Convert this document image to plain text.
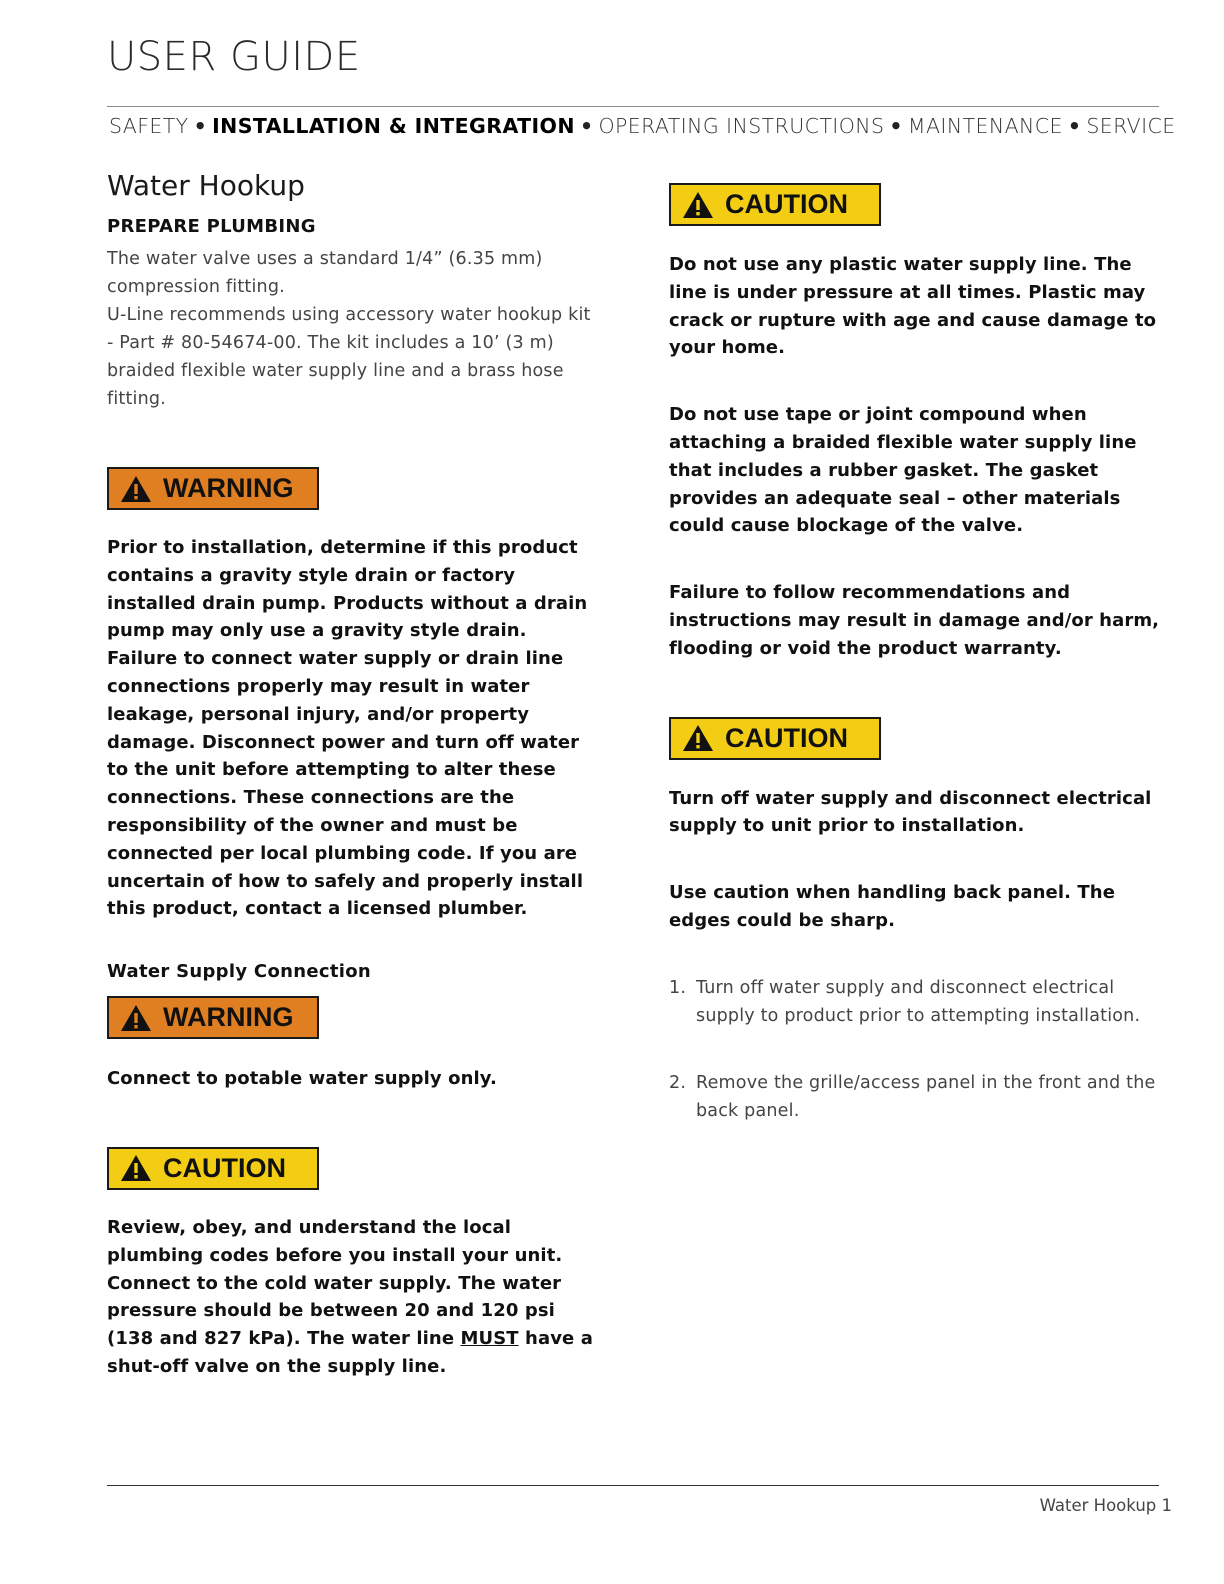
USER GUIDE
SAFETY • INSTALLATION & INTEGRATION • OPERATING INSTRUCTIONS • MAINTENANCE • SERVICE
Water Hookup
PREPARE PLUMBING

The water valve uses a standard 1/4” (6.35 mm) compression fitting.

U-Line recommends using accessory water hookup kit - Part # 80-54674-00. The kit includes a 10’ (3 m) braided flexible water supply line and a brass hose fitting.

WARNING

Prior to installation, determine if this product contains a gravity style drain or factory installed drain pump. Products without a drain pump may only use a gravity style drain. Failure to connect water supply or drain line connections properly may result in water leakage, personal injury, and/or property damage. Disconnect power and turn off water to the unit before attempting to alter these connections. These connections are the responsibility of the owner and must be connected per local plumbing code. If you are uncertain of how to safely and properly install this product, contact a licensed plumber.

Water Supply Connection
WARNING

Connect to potable water supply only.

CAUTION

Review, obey, and understand the local plumbing codes before you install your unit. Connect to the cold water supply. The water pressure should be between 20 and 120 psi (138 and 827 kPa). The water line MUST have a shut-off valve on the supply line.

CAUTION

Do not use any plastic water supply line. The line is under pressure at all times. Plastic may crack or rupture with age and cause damage to your home.

Do not use tape or joint compound when attaching a braided flexible water supply line that includes a rubber gasket. The gasket provides an adequate seal – other materials could cause blockage of the valve.

Failure to follow recommendations and instructions may result in damage and/or harm, flooding or void the product warranty.

CAUTION

Turn off water supply and disconnect electrical supply to unit prior to installation.

Use caution when handling back panel. The edges could be sharp.

1. Turn off water supply and disconnect electrical supply to product prior to attempting installation.
2. Remove the grille/access panel in the front and the back panel.
Water Hookup 1
